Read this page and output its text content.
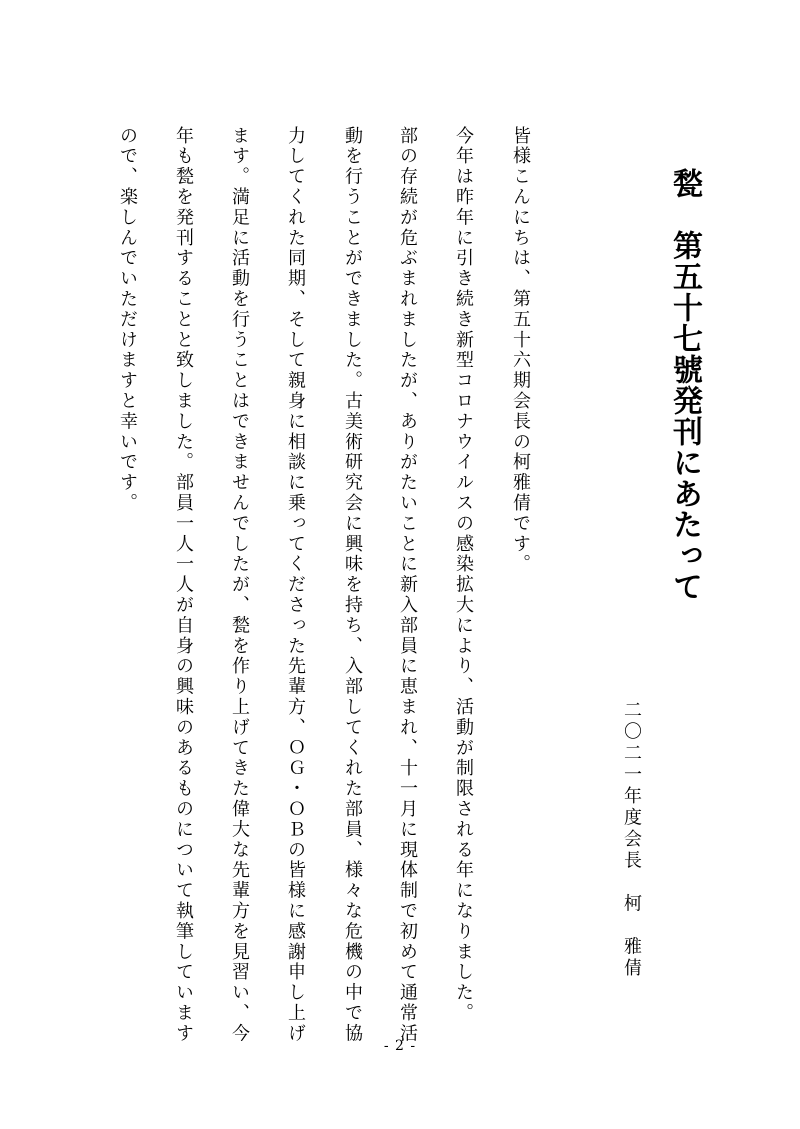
甃　第五十七號発刊にあたって
二〇二一年度会長　柯　雅倩
皆様こんにちは、第五十六期会長の柯雅倩です。
今年は昨年に引き続き新型コロナウイルスの感染拡大により、活動が制限される年になりました。
部の存続が危ぶまれましたが、ありがたいことに新入部員に恵まれ、十一月に現体制で初めて通常活
動を行うことができました。古美術研究会に興味を持ち、入部してくれた部員、様々な危機の中で協
力してくれた同期、そして親身に相談に乗ってくださった先輩方、ＯＧ・ＯＢの皆様に感謝申し上げ
ます。満足に活動を行うことはできませんでしたが、甃を作り上げてきた偉大な先輩方を見習い、今
年も甃を発刊することと致しました。部員一人一人が自身の興味のあるものについて執筆しています
ので、楽しんでいただけますと幸いです。
- 2 -
